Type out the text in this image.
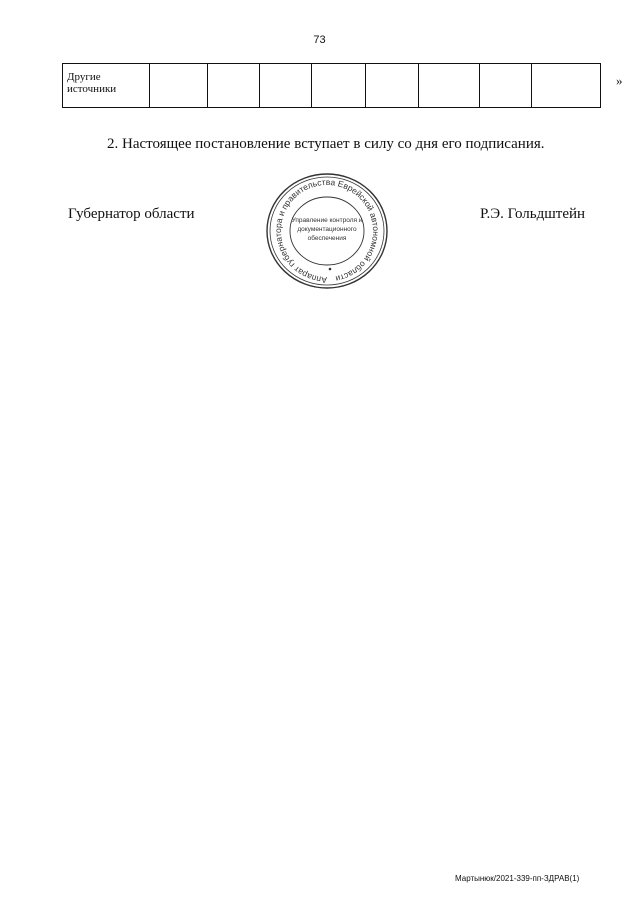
73
Другие
источники								
»
2. Настоящее постановление вступает в силу со дня его подписания.
Губернатор области	Р.Э. Гольдштейн
Аппарат губернатора и правительства Еврейской автономной области
Управление контроля и
документационного
обеспечения
Мартынюк/2021-339-пп-ЗДРАВ(1)
